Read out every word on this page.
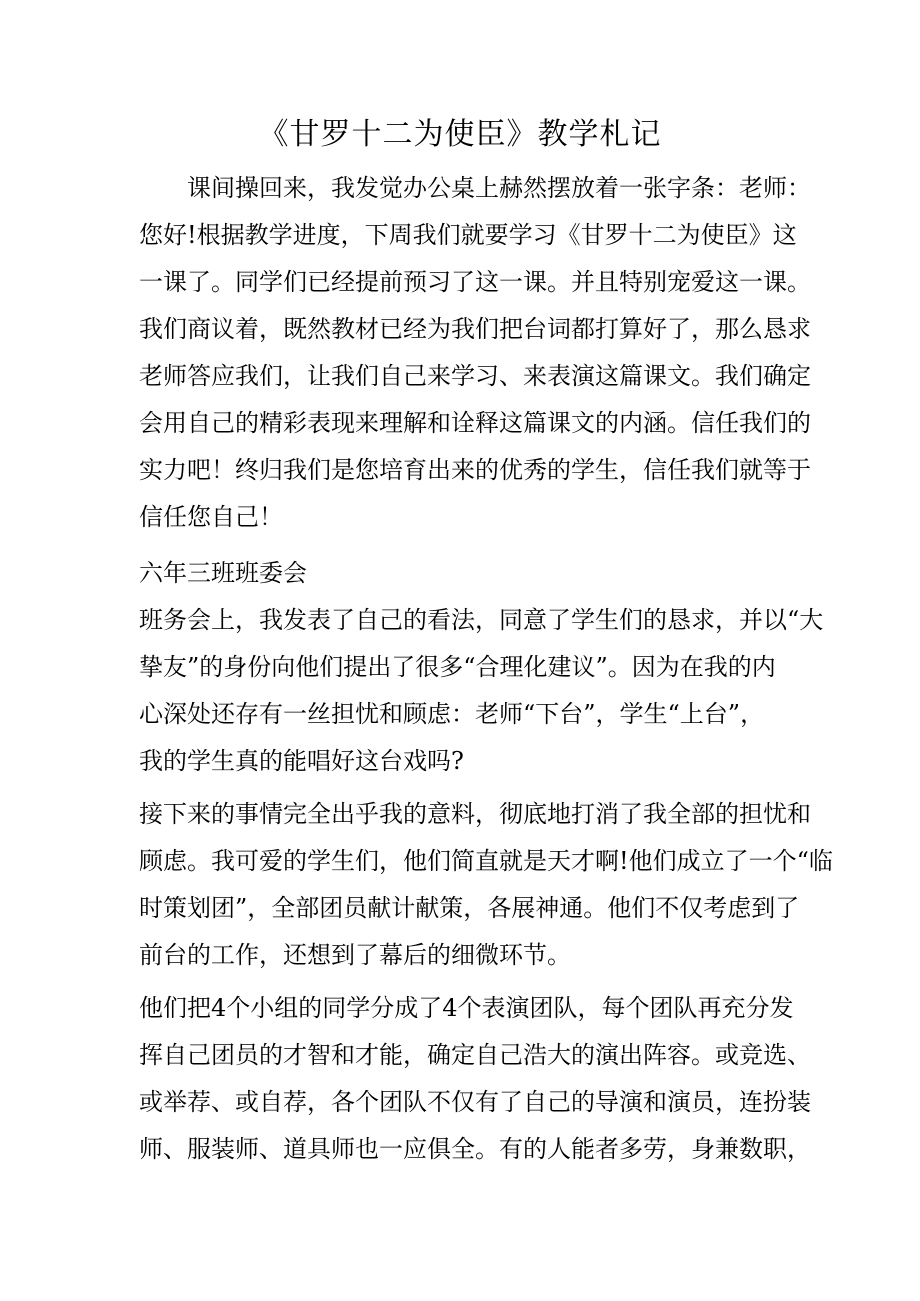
《甘罗十二为使臣》教学札记
　　课间操回来，我发觉办公桌上赫然摆放着一张字条：老师：
您好!根据教学进度，下周我们就要学习《甘罗十二为使臣》这
一课了。同学们已经提前预习了这一课。并且特别宠爱这一课。
我们商议着，既然教材已经为我们把台词都打算好了，那么恳求
老师答应我们，让我们自己来学习、来表演这篇课文。我们确定
会用自己的精彩表现来理解和诠释这篇课文的内涵。信任我们的
实力吧！终归我们是您培育出来的优秀的学生，信任我们就等于
信任您自己！
六年三班班委会
班务会上，我发表了自己的看法，同意了学生们的恳求，并以“大
挚友”的身份向他们提出了很多“合理化建议”。因为在我的内
心深处还存有一丝担忧和顾虑：老师“下台”，学生“上台”，
我的学生真的能唱好这台戏吗?
接下来的事情完全出乎我的意料，彻底地打消了我全部的担忧和
顾虑。我可爱的学生们，他们简直就是天才啊!他们成立了一个“临
时策划团”，全部团员献计献策，各展神通。他们不仅考虑到了
前台的工作，还想到了幕后的细微环节。
他们把4个小组的同学分成了4个表演团队，每个团队再充分发
挥自己团员的才智和才能，确定自己浩大的演出阵容。或竞选、
或举荐、或自荐，各个团队不仅有了自己的导演和演员，连扮装
师、服装师、道具师也一应俱全。有的人能者多劳，身兼数职，
